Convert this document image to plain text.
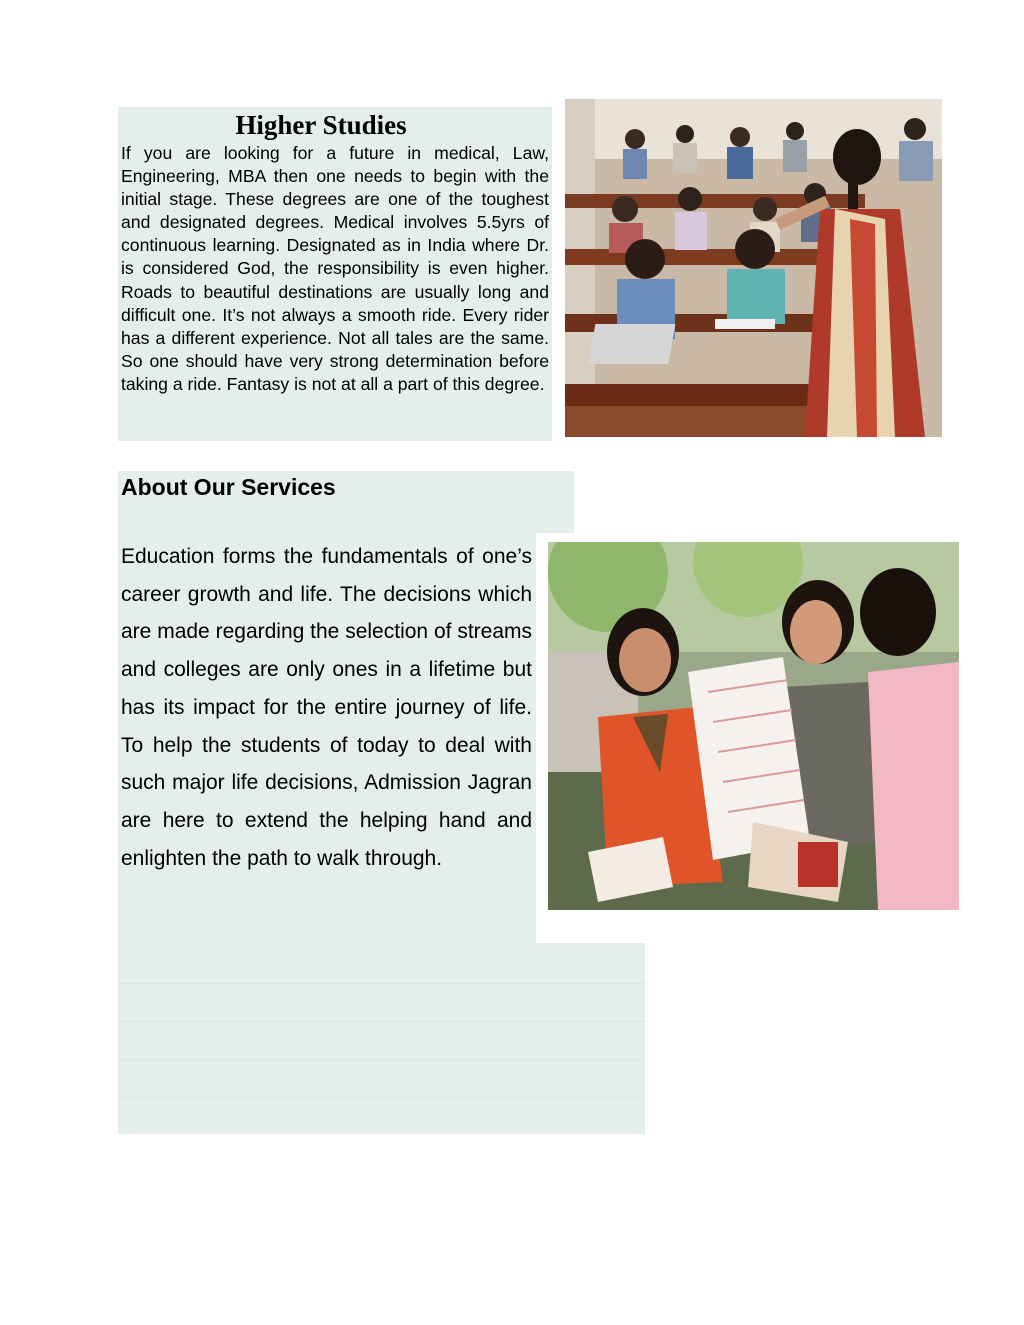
Higher Studies

If you are looking for a future in medical, Law, Engineering, MBA then one needs to begin with the initial stage. These degrees are one of the toughest and designated degrees. Medical involves 5.5yrs of continuous learning. Designated as in India where Dr. is considered God, the responsibility is even higher. Roads to beautiful destinations are usually long and difficult one. It’s not always a smooth ride. Every rider has a different experience. Not all tales are the same. So one should have very strong determination before taking a ride. Fantasy is not at all a part of this degree.

About Our Services

Education forms the fundamentals of one’s career growth and life. The decisions which are made regarding the selection of streams and colleges are only ones in a lifetime but has its impact for the entire journey of life. To help the students of today to deal with such major life decisions, Admission Jagran are here to extend the helping hand and enlighten the path to walk through.
